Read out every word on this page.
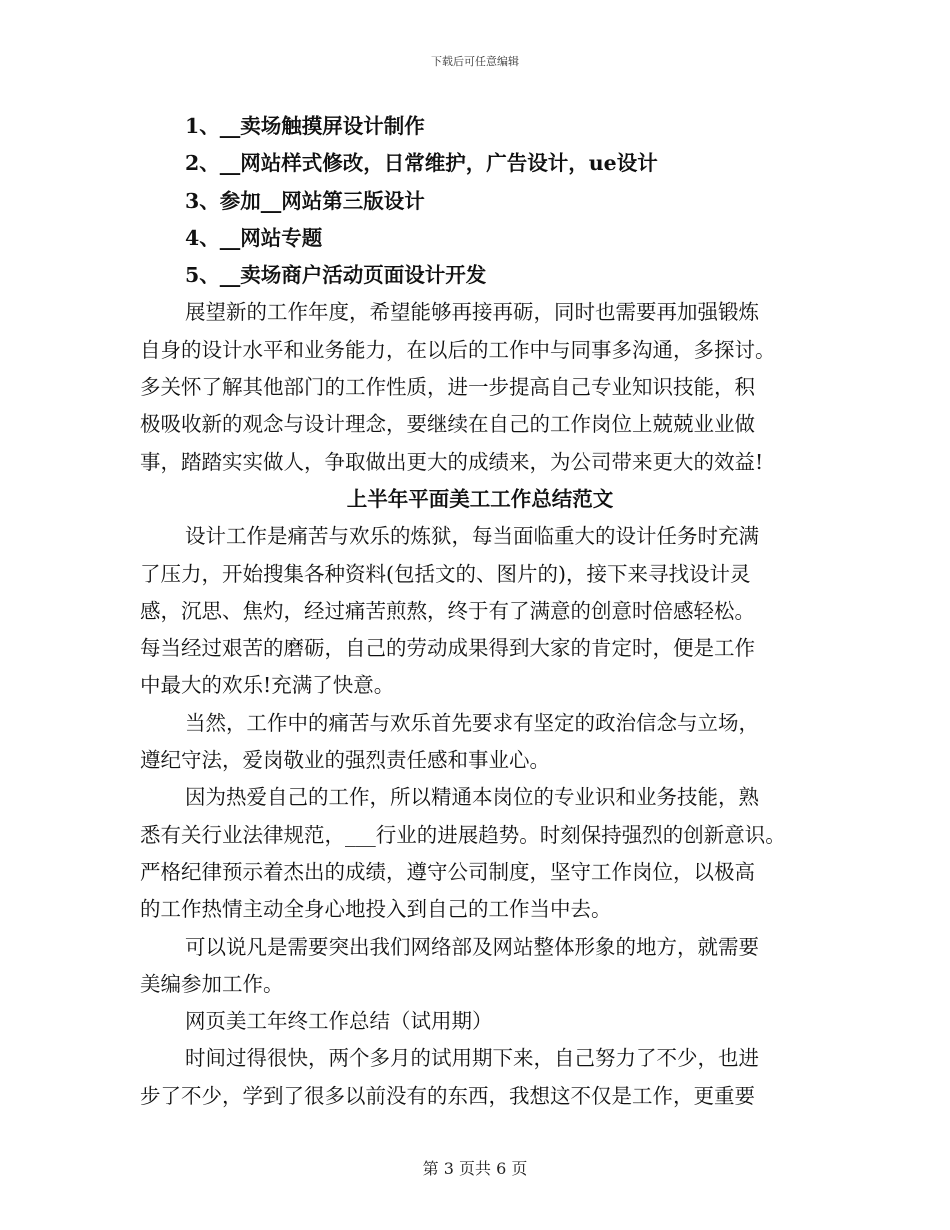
下载后可任意编辑
1、__卖场触摸屏设计制作
2、__网站样式修改，日常维护，广告设计，ue设计
3、参加__网站第三版设计
4、__网站专题
5、__卖场商户活动页面设计开发
展望新的工作年度，希望能够再接再砺，同时也需要再加强锻炼
自身的设计水平和业务能力，在以后的工作中与同事多沟通，多探讨。
多关怀了解其他部门的工作性质，进一步提高自己专业知识技能，积
极吸收新的观念与设计理念，要继续在自己的工作岗位上兢兢业业做
事，踏踏实实做人，争取做出更大的成绩来，为公司带来更大的效益!
上半年平面美工工作总结范文
设计工作是痛苦与欢乐的炼狱，每当面临重大的设计任务时充满
了压力，开始搜集各种资料(包括文的、图片的)，接下来寻找设计灵
感，沉思、焦灼，经过痛苦煎熬，终于有了满意的创意时倍感轻松。
每当经过艰苦的磨砺，自己的劳动成果得到大家的肯定时，便是工作
中最大的欢乐!充满了快意。
当然，工作中的痛苦与欢乐首先要求有坚定的政治信念与立场，
遵纪守法，爱岗敬业的强烈责任感和事业心。
因为热爱自己的工作，所以精通本岗位的专业识和业务技能，熟
悉有关行业法律规范，___行业的进展趋势。时刻保持强烈的创新意识。
严格纪律预示着杰出的成绩，遵守公司制度，坚守工作岗位，以极高
的工作热情主动全身心地投入到自己的工作当中去。
可以说凡是需要突出我们网络部及网站整体形象的地方，就需要
美编参加工作。
网页美工年终工作总结（试用期）
时间过得很快，两个多月的试用期下来，自己努力了不少，也进
步了不少，学到了很多以前没有的东西，我想这不仅是工作，更重要
第 3 页共 6 页
